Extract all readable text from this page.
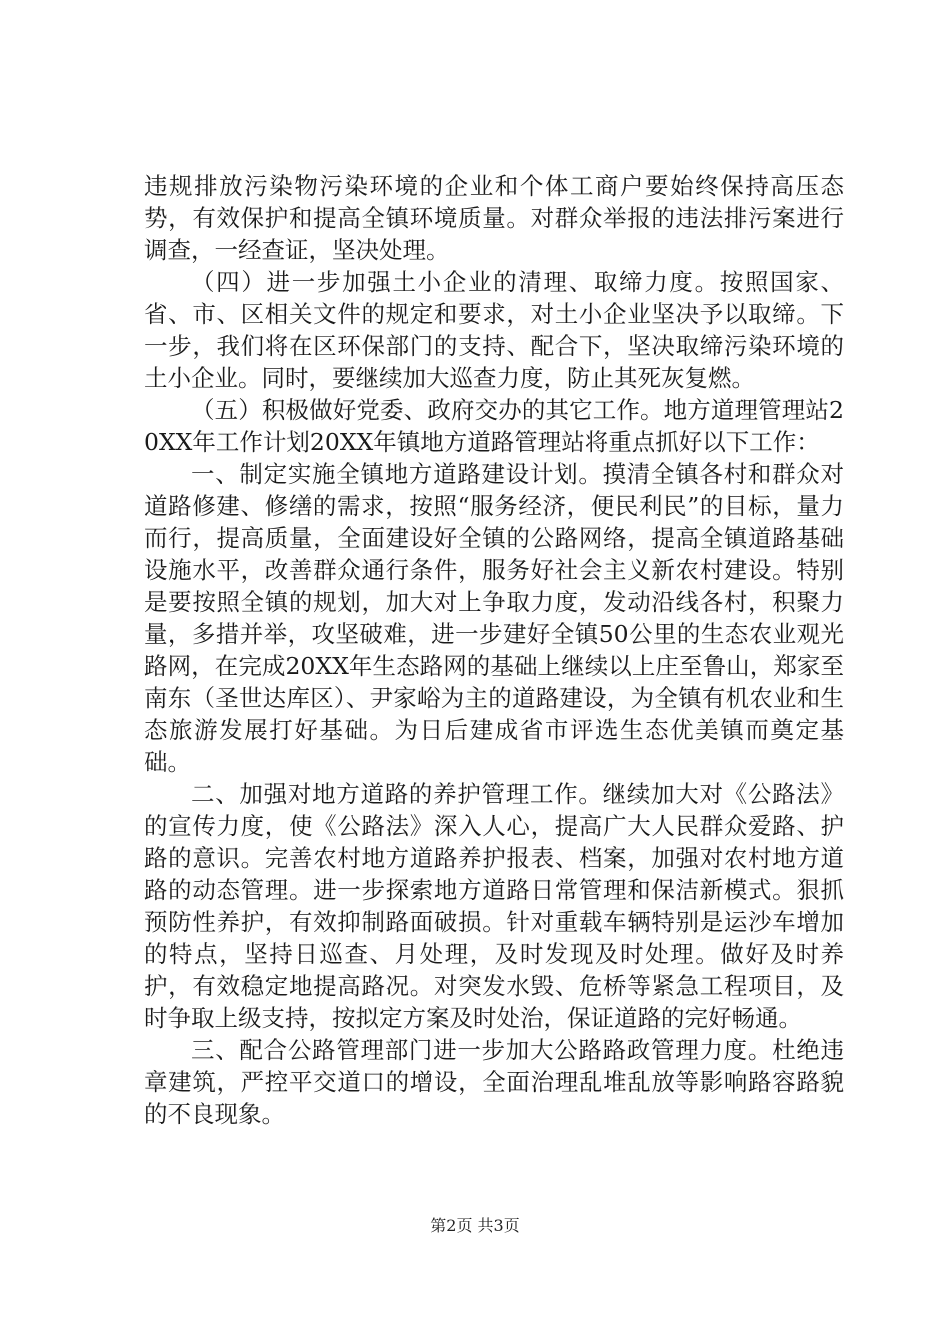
违规排放污染物污染环境的企业和个体工商户要始终保持高压态势，有效保护和提高全镇环境质量。对群众举报的违法排污案进行调查，一经查证，坚决处理。

（四）进一步加强土小企业的清理、取缔力度。按照国家、省、市、区相关文件的规定和要求，对土小企业坚决予以取缔。下一步，我们将在区环保部门的支持、配合下，坚决取缔污染环境的土小企业。同时，要继续加大巡查力度，防止其死灰复燃。

（五）积极做好党委、政府交办的其它工作。地方道理管理站20XX年工作计划20XX年镇地方道路管理站将重点抓好以下工作：

一、制定实施全镇地方道路建设计划。摸清全镇各村和群众对道路修建、修缮的需求，按照“服务经济，便民利民”的目标，量力而行，提高质量，全面建设好全镇的公路网络，提高全镇道路基础设施水平，改善群众通行条件，服务好社会主义新农村建设。特别是要按照全镇的规划，加大对上争取力度，发动沿线各村，积聚力量，多措并举，攻坚破难，进一步建好全镇50公里的生态农业观光路网，在完成20XX年生态路网的基础上继续以上庄至鲁山，郑家至南东（圣世达库区）、尹家峪为主的道路建设，为全镇有机农业和生态旅游发展打好基础。为日后建成省市评选生态优美镇而奠定基础。

二、加强对地方道路的养护管理工作。继续加大对《公路法》的宣传力度，使《公路法》深入人心，提高广大人民群众爱路、护路的意识。完善农村地方道路养护报表、档案，加强对农村地方道路的动态管理。进一步探索地方道路日常管理和保洁新模式。狠抓预防性养护，有效抑制路面破损。针对重载车辆特别是运沙车增加的特点，坚持日巡查、月处理，及时发现及时处理。做好及时养护，有效稳定地提高路况。对突发水毁、危桥等紧急工程项目，及时争取上级支持，按拟定方案及时处治，保证道路的完好畅通。

三、配合公路管理部门进一步加大公路路政管理力度。杜绝违章建筑，严控平交道口的增设，全面治理乱堆乱放等影响路容路貌的不良现象。

第2页 共3页
